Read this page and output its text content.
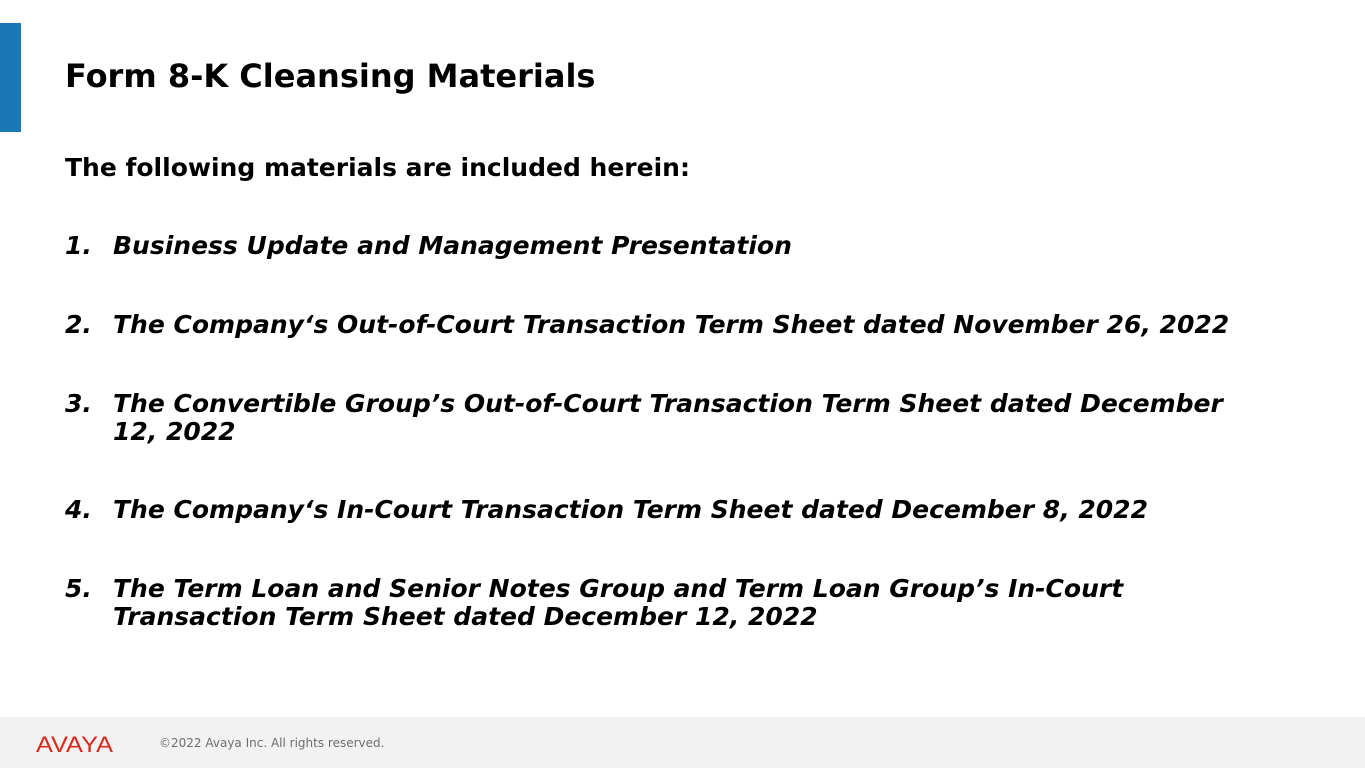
Form 8-K Cleansing Materials

The following materials are included herein:

1. Business Update and Management Presentation
2. The Company‘s Out-of-Court Transaction Term Sheet dated November 26, 2022
3. The Convertible Group’s Out-of-Court Transaction Term Sheet dated December 12, 2022
4. The Company‘s In-Court Transaction Term Sheet dated December 8, 2022
5. The Term Loan and Senior Notes Group and Term Loan Group’s In-Court Transaction Term Sheet dated December 12, 2022
AVAYA	©2022 Avaya Inc. All rights reserved.
